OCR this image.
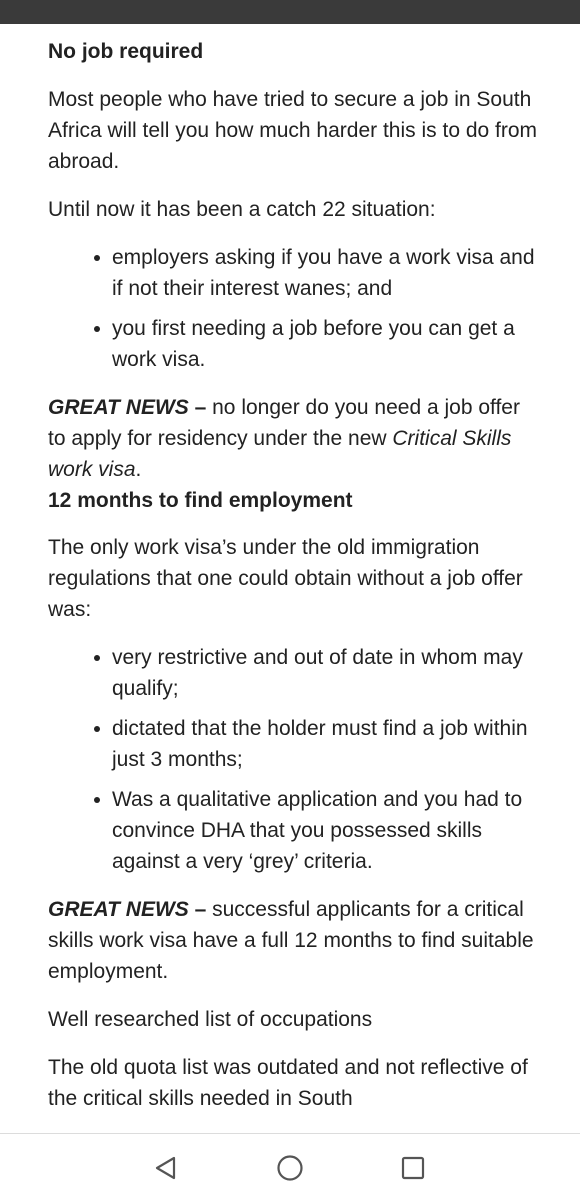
No job required

Most people who have tried to secure a job in South Africa will tell you how much harder this is to do from abroad.

Until now it has been a catch 22 situation:

employers asking if you have a work visa and if not their interest wanes; and
you first needing a job before you can get a work visa.

GREAT NEWS – no longer do you need a job offer to apply for residency under the new Critical Skills work visa.

12 months to find employment

The only work visa’s under the old immigration regulations that one could obtain without a job offer was:

very restrictive and out of date in whom may qualify;
dictated that the holder must find a job within just 3 months;
Was a qualitative application and you had to convince DHA that you possessed skills against a very ‘grey’ criteria.

GREAT NEWS – successful applicants for a critical skills work visa have a full 12 months to find suitable employment.

Well researched list of occupations

The old quota list was outdated and not reflective of the critical skills needed in South
